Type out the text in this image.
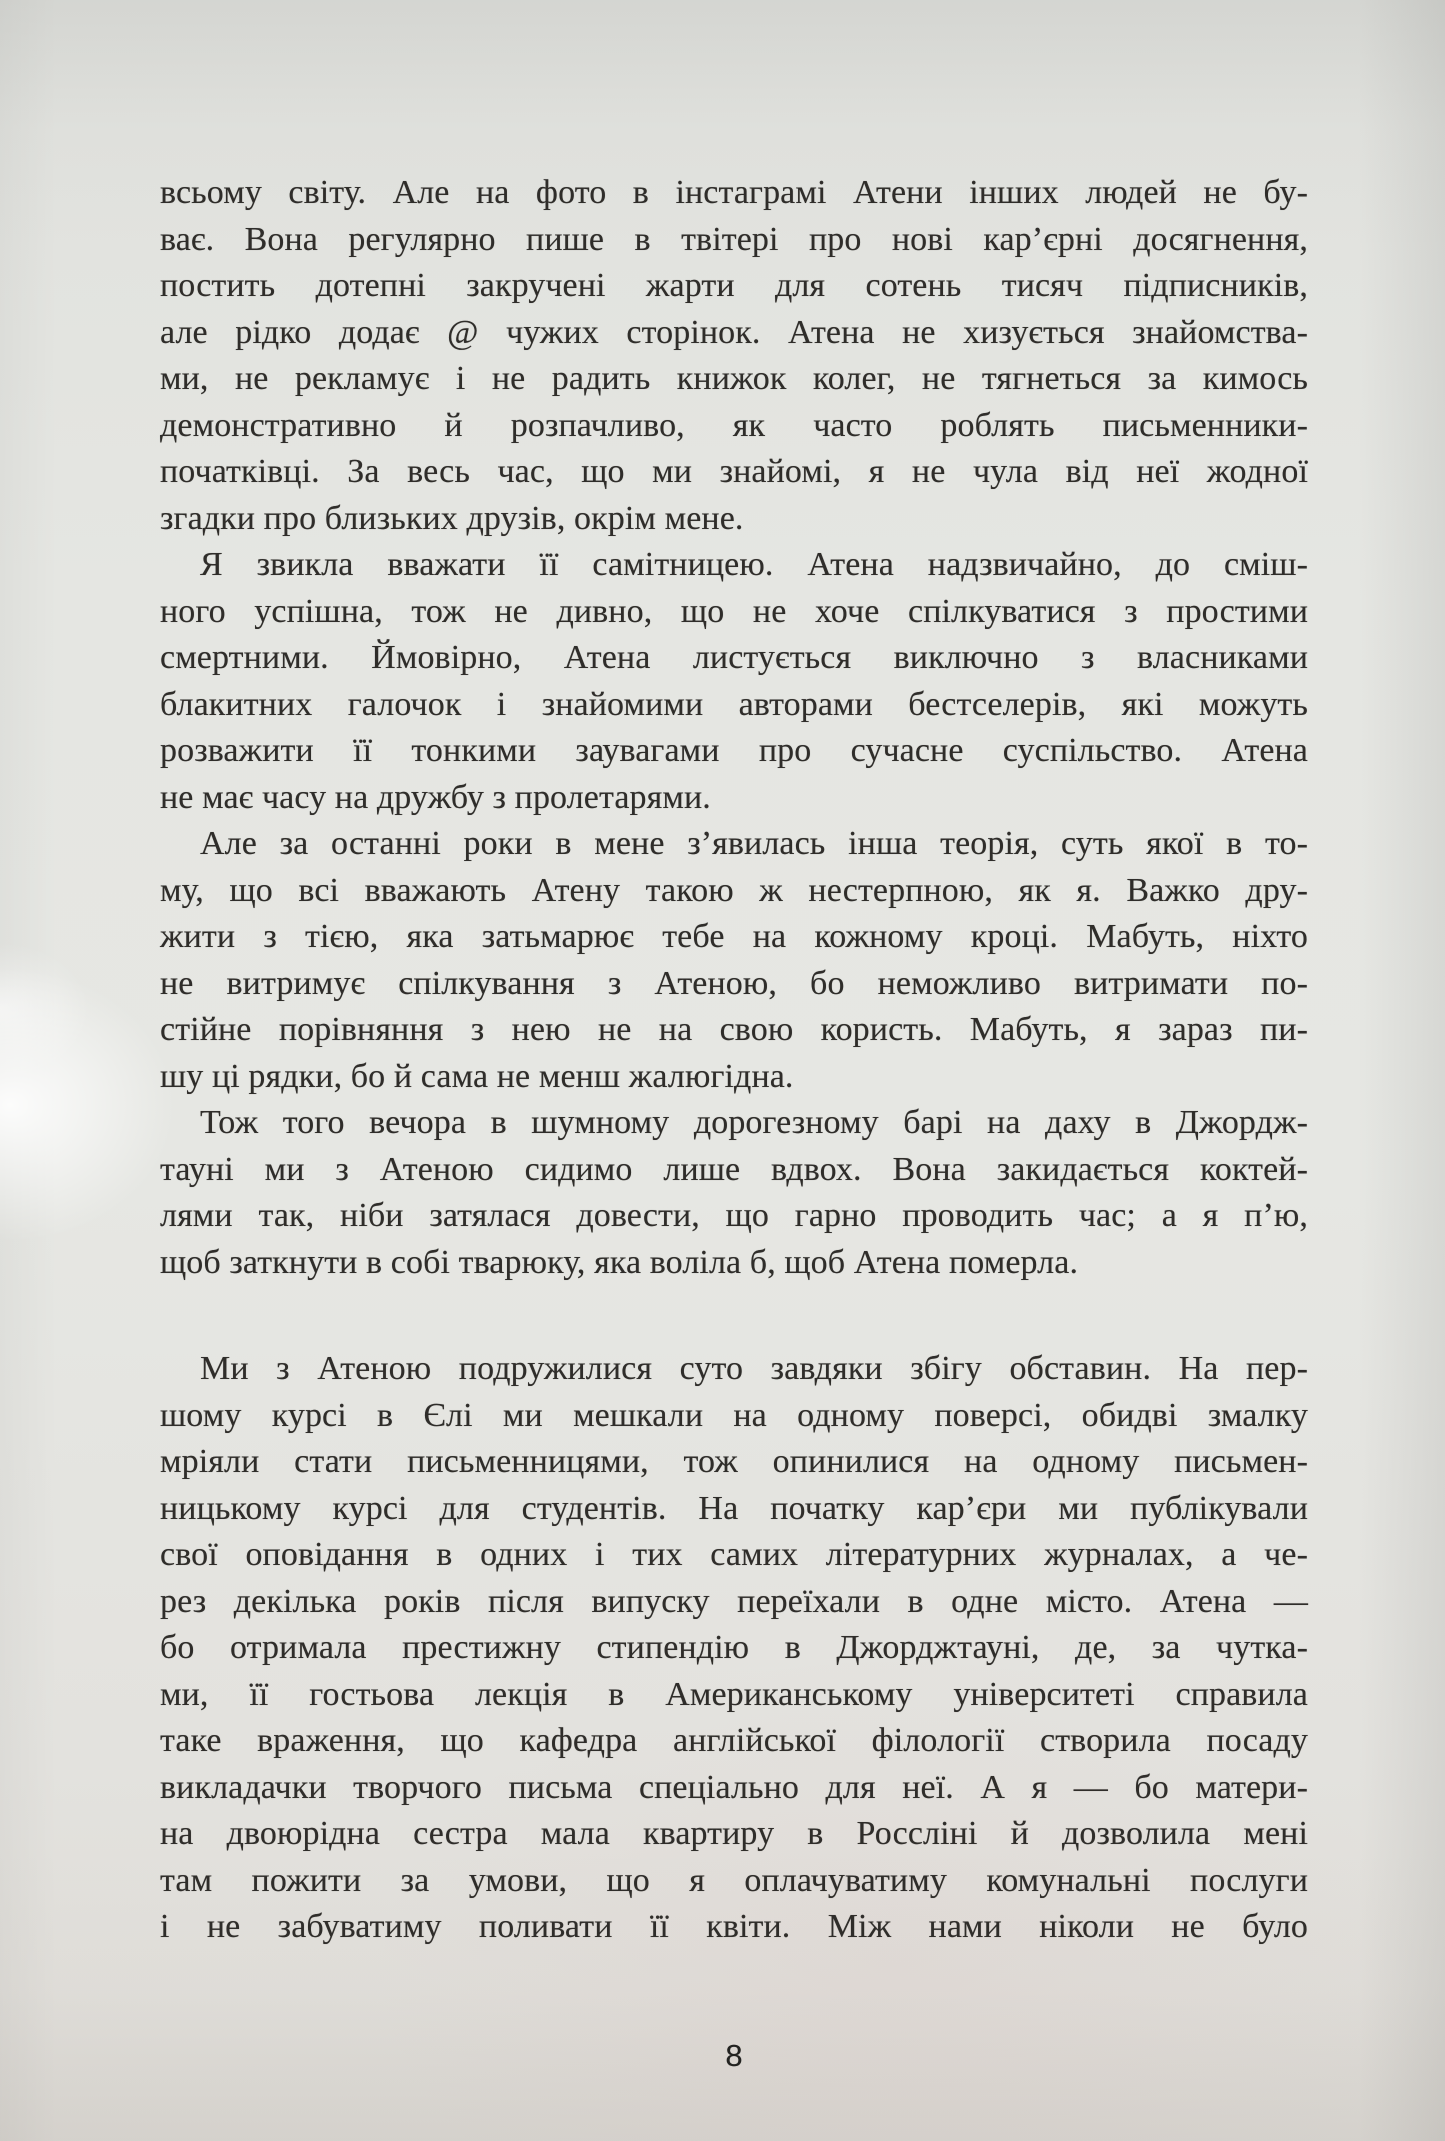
всьому світу. Але на фото в інстаграмі Атени інших людей не бу-
ває. Вона регулярно пише в твітері про нові кар’єрні досягнення,
постить дотепні закручені жарти для сотень тисяч підписників,
але рідко додає @ чужих сторінок. Атена не хизується знайомства-
ми, не рекламує і не радить книжок колег, не тягнеться за кимось
демонстративно й розпачливо, як часто роблять письменники-
початківці. За весь час, що ми знайомі, я не чула від неї жодної
згадки про близьких друзів, окрім мене.

Я звикла вважати її самітницею. Атена надзвичайно, до сміш-
ного успішна, тож не дивно, що не хоче спілкуватися з простими
смертними. Ймовірно, Атена листується виключно з власниками
блакитних галочок і знайомими авторами бестселерів, які можуть
розважити її тонкими заувагами про сучасне суспільство. Атена
не має часу на дружбу з пролетарями.

Але за останні роки в мене з’явилась інша теорія, суть якої в то-
му, що всі вважають Атену такою ж нестерпною, як я. Важко дру-
жити з тією, яка затьмарює тебе на кожному кроці. Мабуть, ніхто
не витримує спілкування з Атеною, бо неможливо витримати по-
стійне порівняння з нею не на свою користь. Мабуть, я зараз пи-
шу ці рядки, бо й сама не менш жалюгідна.

Тож того вечора в шумному дорогезному барі на даху в Джордж-
тауні ми з Атеною сидимо лише вдвох. Вона закидається коктей-
лями так, ніби затялася довести, що гарно проводить час; а я п’ю,
щоб заткнути в собі тварюку, яка воліла б, щоб Атена померла.

Ми з Атеною подружилися суто завдяки збігу обставин. На пер-
шому курсі в Єлі ми мешкали на одному поверсі, обидві змалку
мріяли стати письменницями, тож опинилися на одному письмен-
ницькому курсі для студентів. На початку кар’єри ми публікували
свої оповідання в одних і тих самих літературних журналах, а че-
рез декілька років після випуску переїхали в одне місто. Атена —
бо отримала престижну стипендію в Джорджтауні, де, за чутка-
ми, її гостьова лекція в Американському університеті справила
таке враження, що кафедра англійської філології створила посаду
викладачки творчого письма спеціально для неї. А я — бо матери-
на двоюрідна сестра мала квартиру в Россліні й дозволила мені
там пожити за умови, що я оплачуватиму комунальні послуги
і не забуватиму поливати її квіти. Між нами ніколи не було

8
